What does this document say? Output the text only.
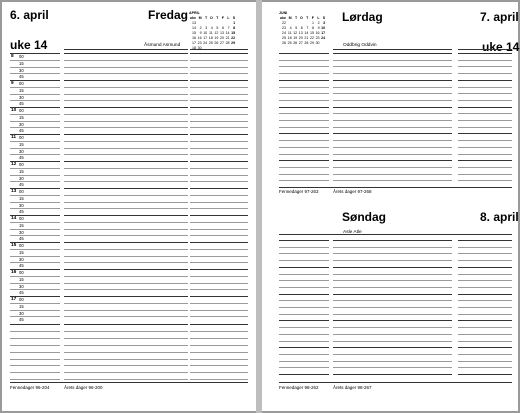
6. april	Fredag
uke 14	Åsmund Asmund
APRIL
uke	M	T	O	T	F	L	S
13							1
14	2	3	4	5	6	7	8
15	9	10	11	12	13	14	15
16	16	17	18	19	20	21	22
17	23	24	25	26	27	28	29
18	30						
8 00
15
30
45
9 00
15
30
45
10 00
15
30
45
11 00
15
30
45
12 00
15
30
45
13 00
15
30
45
14 00
15
30
45
15 00
15
30
45
16 00
15
30
45
17 00
15
30
45
Fennedager 96-204	Årets dager 96-200
JUNI
uke	M	T	O	T	F	L	S
22					1	2	3
23	4	5	6	7	8	9	10
24	11	12	13	14	15	16	17
25	18	19	20	21	22	23	24
26	25	26	27	28	29	30	
Lørdag	7. april
uke 14
Oddbrig Oddvin
Fennedager 97-263	Årets dager 97-268
Søndag	8. april
Asle Atle
Fennedager 98-262	Årets dager 98-267
